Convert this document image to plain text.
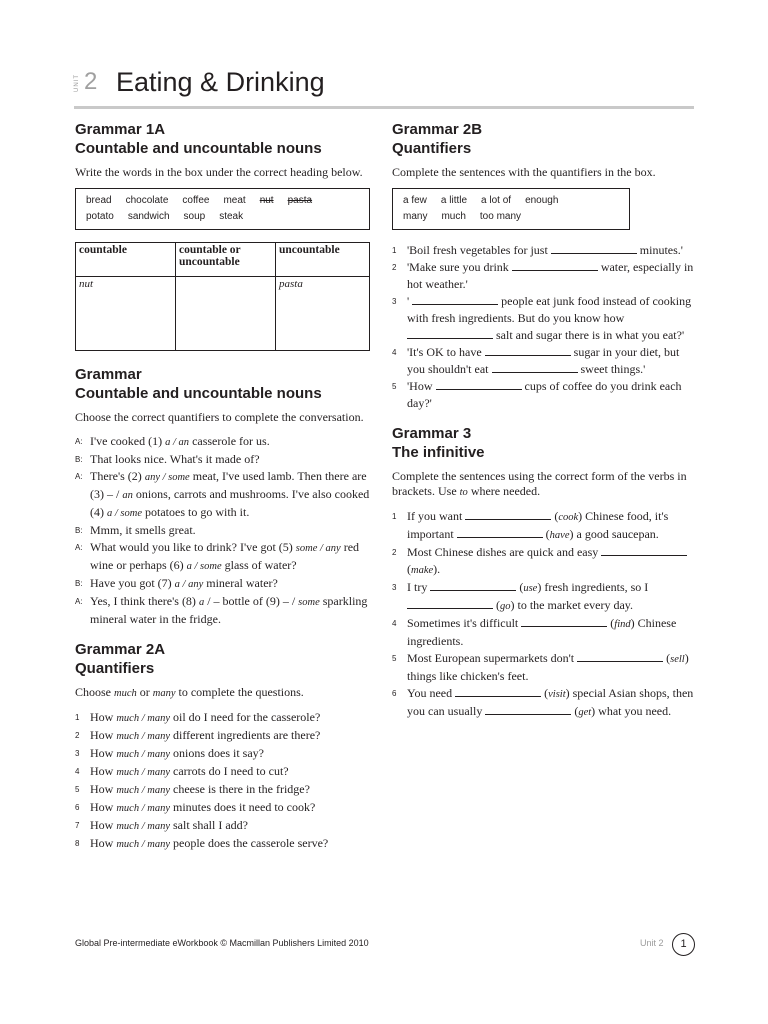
UNIT 2 Eating & Drinking
Grammar 1A
Countable and uncountable nouns
Write the words in the box under the correct heading below.
bread chocolate coffee meat nut pasta
potato sandwich soup steak
countable	countable or uncountable	uncountable
nut		pasta
Grammar
Countable and uncountable nouns
Choose the correct quantifiers to complete the conversation.
A: I've cooked (1) a / an casserole for us.
B: That looks nice. What's it made of?
A: There's (2) any / some meat, I've used lamb. Then there are (3) – / an onions, carrots and mushrooms. I've also cooked (4) a / some potatoes to go with it.
B: Mmm, it smells great.
A: What would you like to drink? I've got (5) some / any red wine or perhaps (6) a / some glass of water?
B: Have you got (7) a / any mineral water?
A: Yes, I think there's (8) a / – bottle of (9) – / some sparkling mineral water in the fridge.
Grammar 2A
Quantifiers
Choose much or many to complete the questions.
1 How much / many oil do I need for the casserole?
2 How much / many different ingredients are there?
3 How much / many onions does it say?
4 How much / many carrots do I need to cut?
5 How much / many cheese is there in the fridge?
6 How much / many minutes does it need to cook?
7 How much / many salt shall I add?
8 How much / many people does the casserole serve?
Grammar 2B
Quantifiers
Complete the sentences with the quantifiers in the box.
a few a little a lot of enough
many much too many
1 'Boil fresh vegetables for just	minutes.'
2 'Make sure you drink	water, especially in hot weather.'
3 '	people eat junk food instead of cooking with fresh ingredients. But do you know how  salt and sugar there is in what you eat?'
4 'It's OK to have	sugar in your diet, but you shouldn't eat	sweet things.'
5 'How	cups of coffee do you drink each day?'
Grammar 3
The infinitive
Complete the sentences using the correct form of the verbs in brackets. Use to where needed.
1 If you want	(cook) Chinese food, it's important	(have) a good saucepan.
2 Most Chinese dishes are quick and easy  (make).
3 I try	(use) fresh ingredients, so I  (go) to the market every day.
4 Sometimes it's difficult	(find) Chinese ingredients.
5 Most European supermarkets don't	(sell) things like chicken's feet.
6 You need	(visit) special Asian shops, then you can usually	(get) what you need.
Global Pre-intermediate eWorkbook © Macmillan Publishers Limited 2010	Unit 2	1
